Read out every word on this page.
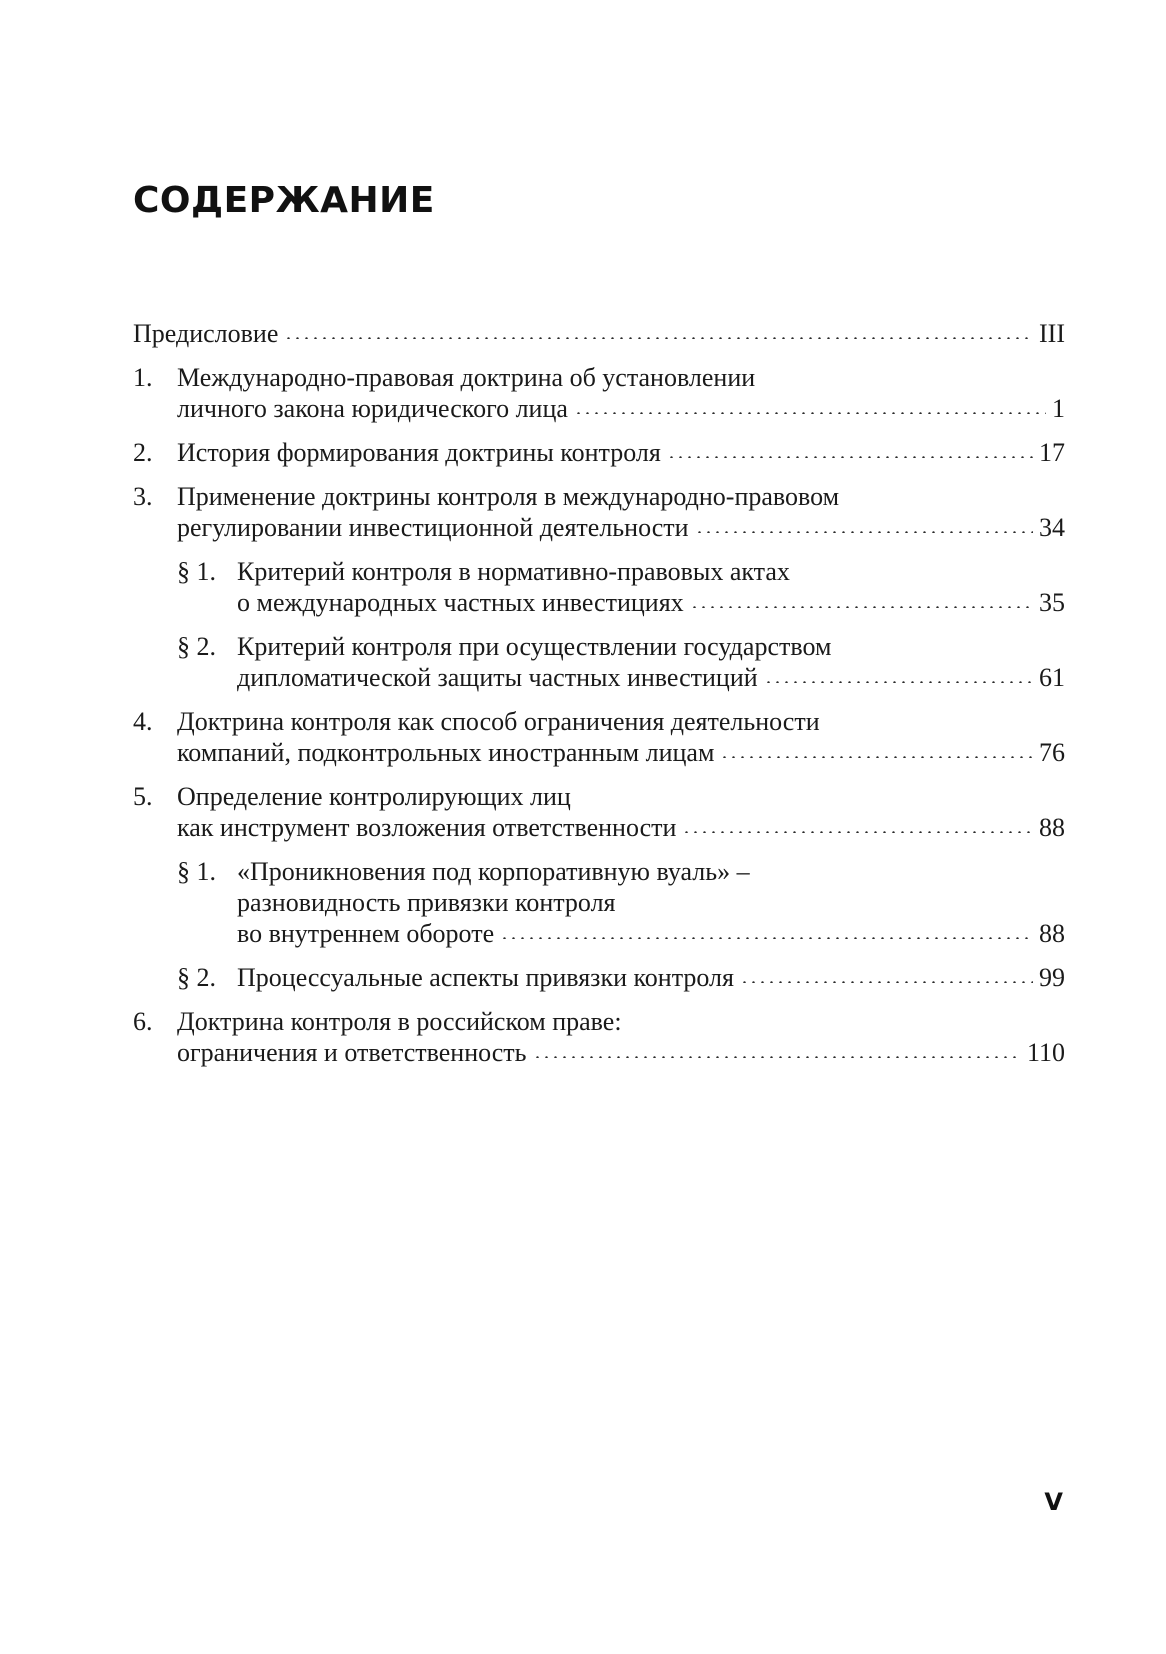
СОДЕРЖАНИЕ
Предисловие	III
1. Международно-правовая доктрина об установлении
личного закона юридического лица	1
2. История формирования доктрины контроля	17
3. Применение доктрины контроля в международно-правовом
регулировании инвестиционной деятельности	34
§ 1. Критерий контроля в нормативно-правовых актах
о международных частных инвестициях	35
§ 2. Критерий контроля при осуществлении государством
дипломатической защиты частных инвестиций	61
4. Доктрина контроля как способ ограничения деятельности
компаний, подконтрольных иностранным лицам	76
5. Определение контролирующих лиц
как инструмент возложения ответственности	88
§ 1. «Проникновения под корпоративную вуаль» –
разновидность привязки контроля
во внутреннем обороте	88
§ 2. Процессуальные аспекты привязки контроля	99
6. Доктрина контроля в российском праве:
ограничения и ответственность	110
V
